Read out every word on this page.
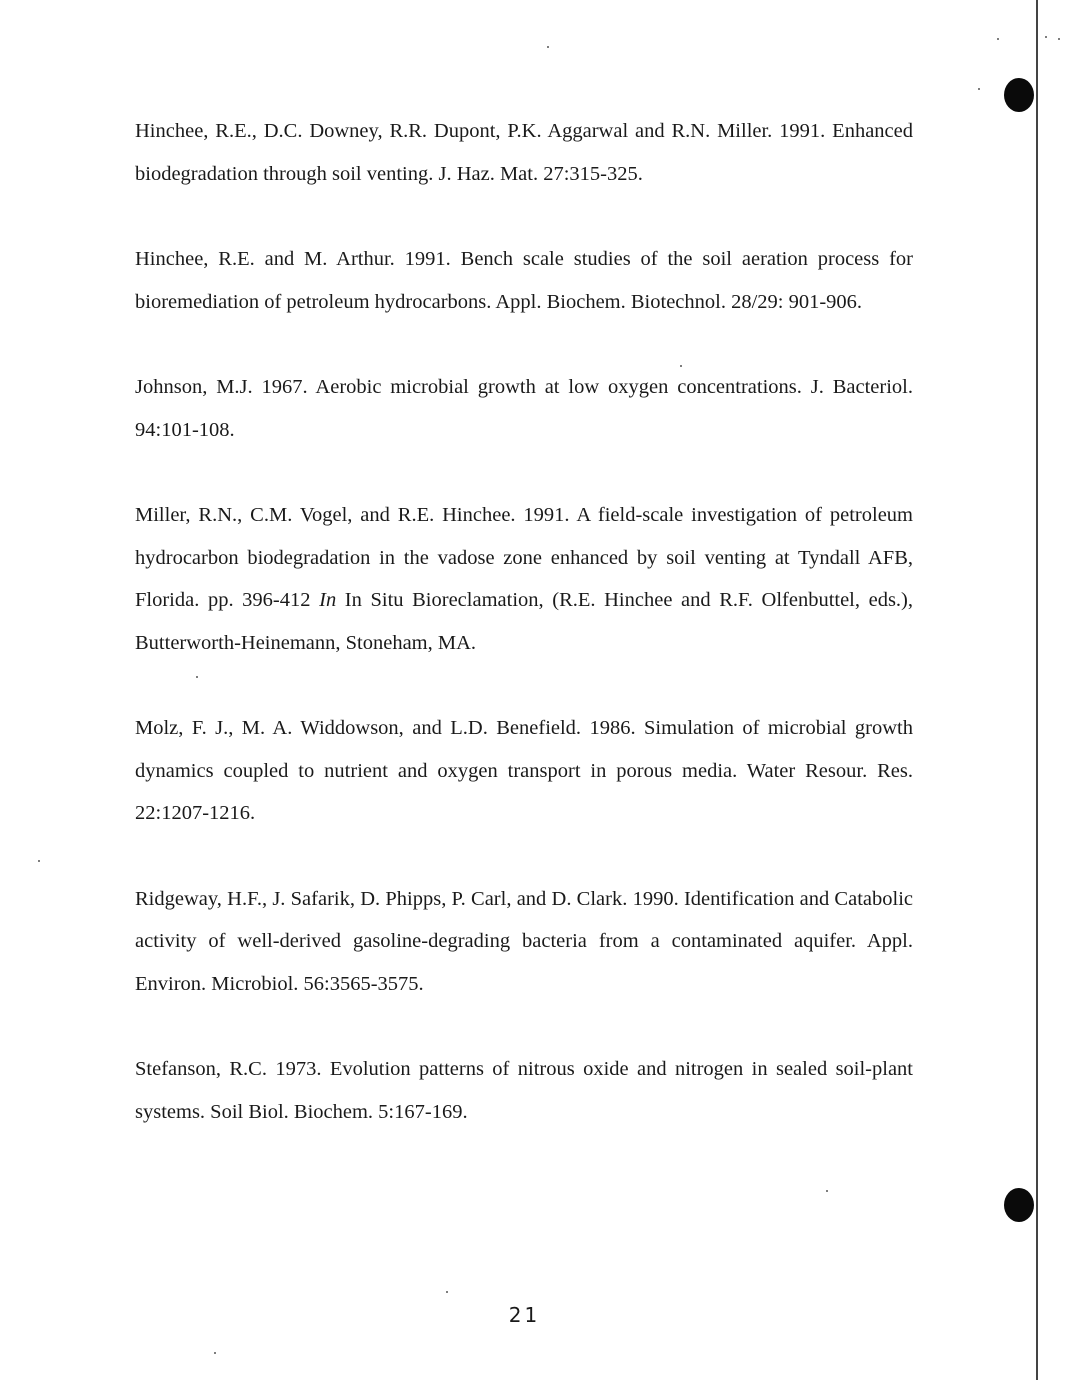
Hinchee, R.E., D.C. Downey, R.R. Dupont, P.K. Aggarwal and R.N. Miller. 1991. Enhanced biodegradation through soil venting. J. Haz. Mat. 27:315-325.
Hinchee, R.E. and M. Arthur. 1991. Bench scale studies of the soil aeration process for bioremediation of petroleum hydrocarbons. Appl. Biochem. Biotechnol. 28/29: 901-906.
Johnson, M.J. 1967. Aerobic microbial growth at low oxygen concentrations. J. Bacteriol. 94:101-108.
Miller, R.N., C.M. Vogel, and R.E. Hinchee. 1991. A field-scale investigation of petroleum hydrocarbon biodegradation in the vadose zone enhanced by soil venting at Tyndall AFB, Florida. pp. 396-412 In In Situ Bioreclamation, (R.E. Hinchee and R.F. Olfenbuttel, eds.), Butterworth-Heinemann, Stoneham, MA.
Molz, F. J., M. A. Widdowson, and L.D. Benefield. 1986. Simulation of microbial growth dynamics coupled to nutrient and oxygen transport in porous media. Water Resour. Res. 22:1207-1216.
Ridgeway, H.F., J. Safarik, D. Phipps, P. Carl, and D. Clark. 1990. Identification and Catabolic activity of well-derived gasoline-degrading bacteria from a contaminated aquifer. Appl. Environ. Microbiol. 56:3565-3575.
Stefanson, R.C. 1973. Evolution patterns of nitrous oxide and nitrogen in sealed soil-plant systems. Soil Biol. Biochem. 5:167-169.
21
